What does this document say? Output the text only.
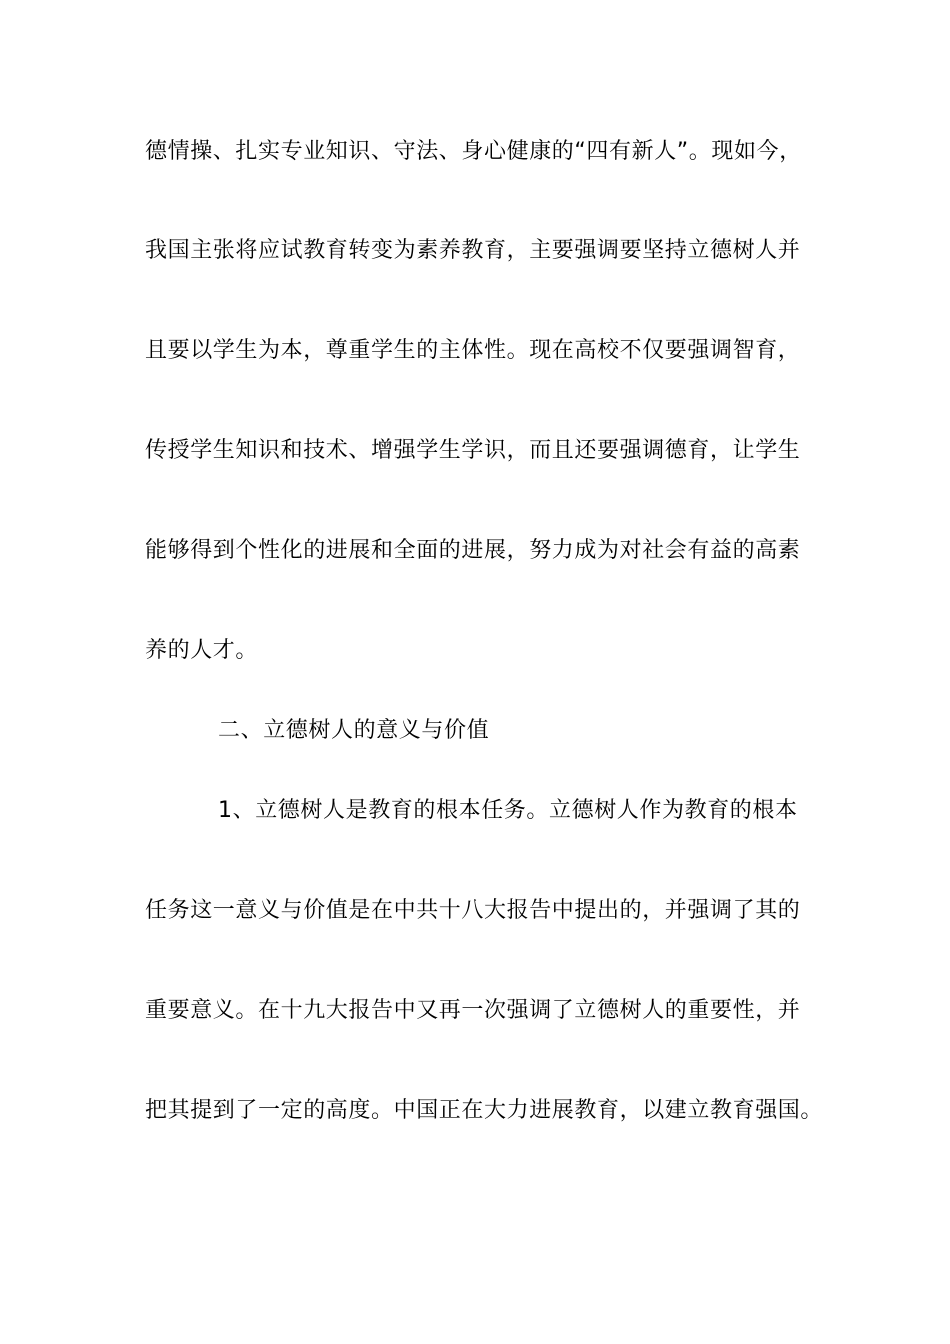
德情操、扎实专业知识、守法、身心健康的“四有新人”。现如今，
我国主张将应试教育转变为素养教育，主要强调要坚持立德树人并
且要以学生为本，尊重学生的主体性。现在高校不仅要强调智育，
传授学生知识和技术、增强学生学识，而且还要强调德育，让学生
能够得到个性化的进展和全面的进展，努力成为对社会有益的高素
养的人才。
二、立德树人的意义与价值
1、立德树人是教育的根本任务。立德树人作为教育的根本
任务这一意义与价值是在中共十八大报告中提出的，并强调了其的
重要意义。在十九大报告中又再一次强调了立德树人的重要性，并
把其提到了一定的高度。中国正在大力进展教育，以建立教育强国。
